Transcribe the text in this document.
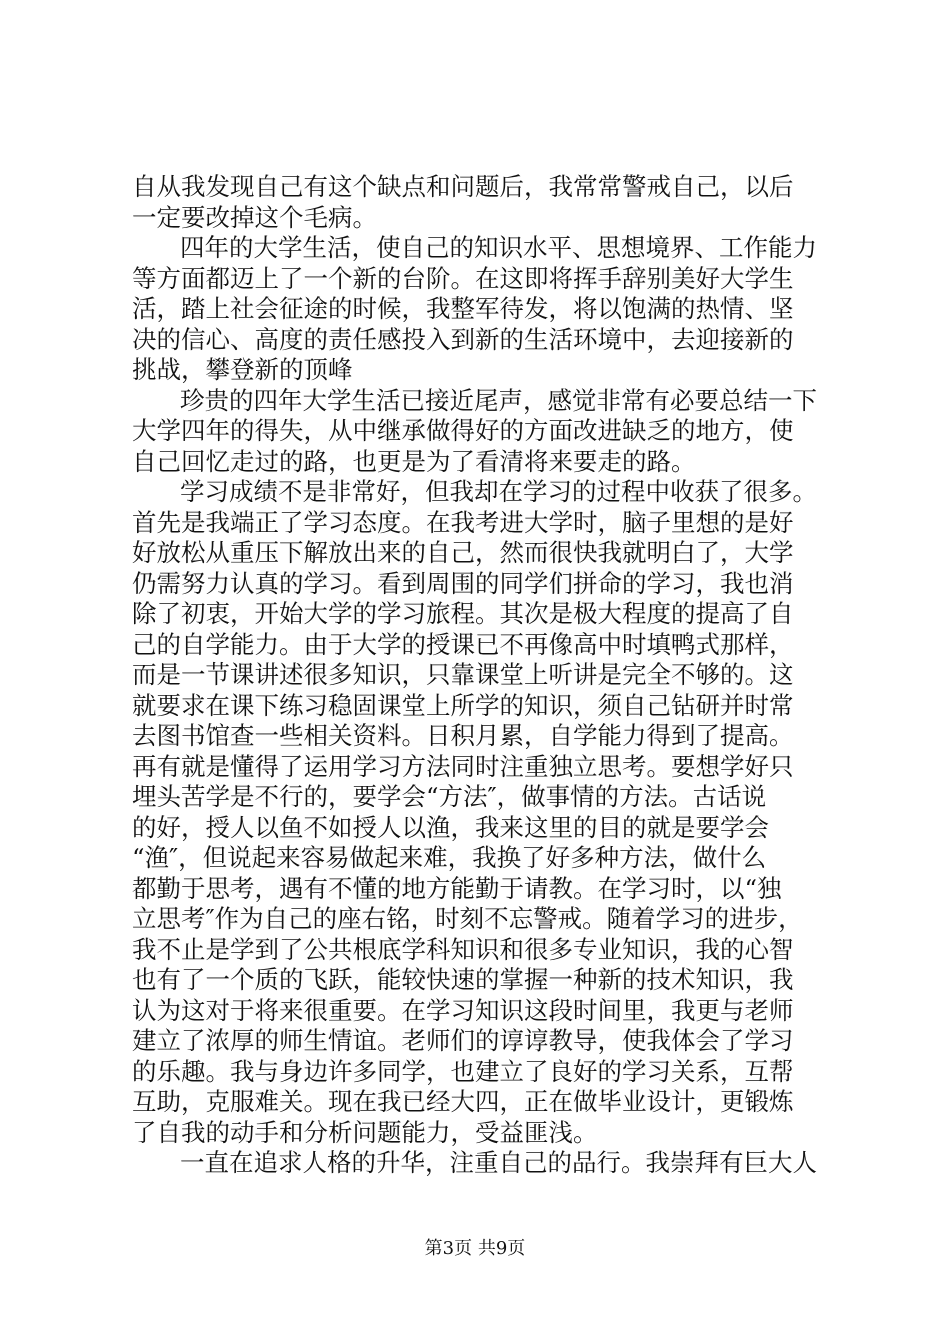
自从我发现自己有这个缺点和问题后，我常常警戒自己，以后
一定要改掉这个毛病。
四年的大学生活，使自己的知识水平、思想境界、工作能力
等方面都迈上了一个新的台阶。在这即将挥手辞别美好大学生
活，踏上社会征途的时候，我整军待发，将以饱满的热情、坚
决的信心、高度的责任感投入到新的生活环境中，去迎接新的
挑战，攀登新的顶峰
珍贵的四年大学生活已接近尾声，感觉非常有必要总结一下
大学四年的得失，从中继承做得好的方面改进缺乏的地方，使
自己回忆走过的路，也更是为了看清将来要走的路。
学习成绩不是非常好，但我却在学习的过程中收获了很多。
首先是我端正了学习态度。在我考进大学时，脑子里想的是好
好放松从重压下解放出来的自己，然而很快我就明白了，大学
仍需努力认真的学习。看到周围的同学们拼命的学习，我也消
除了初衷，开始大学的学习旅程。其次是极大程度的提高了自
己的自学能力。由于大学的授课已不再像高中时填鸭式那样，
而是一节课讲述很多知识，只靠课堂上听讲是完全不够的。这
就要求在课下练习稳固课堂上所学的知识，须自己钻研并时常
去图书馆查一些相关资料。日积月累，自学能力得到了提高。
再有就是懂得了运用学习方法同时注重独立思考。要想学好只
埋头苦学是不行的，要学会“方法″，做事情的方法。古话说
的好，授人以鱼不如授人以渔，我来这里的目的就是要学会
“渔″，但说起来容易做起来难，我换了好多种方法，做什么
都勤于思考，遇有不懂的地方能勤于请教。在学习时，以“独
立思考″作为自己的座右铭，时刻不忘警戒。随着学习的进步，
我不止是学到了公共根底学科知识和很多专业知识，我的心智
也有了一个质的飞跃，能较快速的掌握一种新的技术知识，我
认为这对于将来很重要。在学习知识这段时间里，我更与老师
建立了浓厚的师生情谊。老师们的谆谆教导，使我体会了学习
的乐趣。我与身边许多同学，也建立了良好的学习关系，互帮
互助，克服难关。现在我已经大四，正在做毕业设计，更锻炼
了自我的动手和分析问题能力，受益匪浅。
一直在追求人格的升华，注重自己的品行。我崇拜有巨大人
第3页 共9页
